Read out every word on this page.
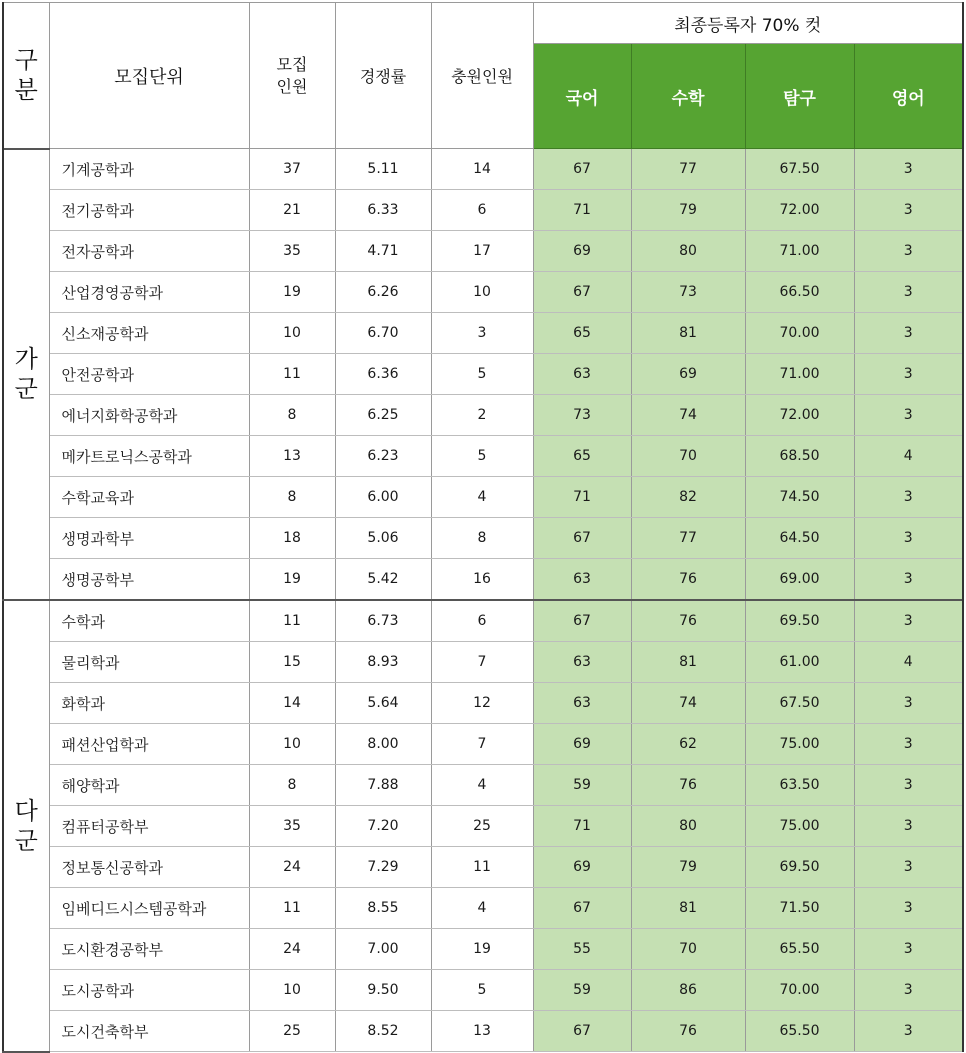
구
분	모집단위	모집
인원	경쟁률	충원인원	최종등록자 70% 컷			
					국어	수학	탐구	영어

가
군	기계공학과	37	5.11	14	67	77	67.50	3
	전기공학과	21	6.33	6	71	79	72.00	3
	전자공학과	35	4.71	17	69	80	71.00	3
	산업경영공학과	19	6.26	10	67	73	66.50	3
	신소재공학과	10	6.70	3	65	81	70.00	3
	안전공학과	11	6.36	5	63	69	71.00	3
	에너지화학공학과	8	6.25	2	73	74	72.00	3
	메카트로닉스공학과	13	6.23	5	65	70	68.50	4
	수학교육과	8	6.00	4	71	82	74.50	3
	생명과학부	18	5.06	8	67	77	64.50	3
	생명공학부	19	5.42	16	63	76	69.00	3

다
군	수학과	11	6.73	6	67	76	69.50	3
	물리학과	15	8.93	7	63	81	61.00	4
	화학과	14	5.64	12	63	74	67.50	3
	패션산업학과	10	8.00	7	69	62	75.00	3
	해양학과	8	7.88	4	59	76	63.50	3
	컴퓨터공학부	35	7.20	25	71	80	75.00	3
	정보통신공학과	24	7.29	11	69	79	69.50	3
	임베디드시스템공학과	11	8.55	4	67	81	71.50	3
	도시환경공학부	24	7.00	19	55	70	65.50	3
	도시공학과	10	9.50	5	59	86	70.00	3
	도시건축학부	25	8.52	13	67	76	65.50	3
